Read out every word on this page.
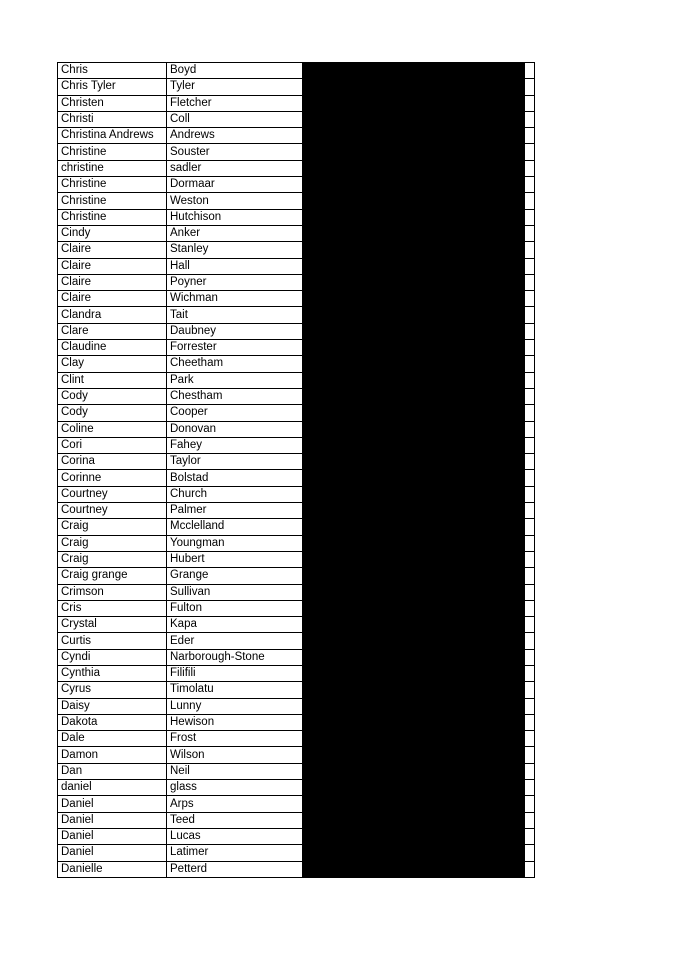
Chris	Boyd		
Chris Tyler	Tyler		
Christen	Fletcher		
Christi	Coll		
Christina Andrews	Andrews		
Christine	Souster		
christine	sadler		
Christine	Dormaar		
Christine	Weston		
Christine	Hutchison		
Cindy	Anker		
Claire	Stanley		
Claire	Hall		
Claire	Poyner		
Claire	Wichman		
Clandra	Tait		
Clare	Daubney		
Claudine	Forrester		
Clay	Cheetham		
Clint	Park		
Cody	Chestham		
Cody	Cooper		
Coline	Donovan		
Cori	Fahey		
Corina	Taylor		
Corinne	Bolstad		
Courtney	Church		
Courtney	Palmer		
Craig	Mcclelland		
Craig	Youngman		
Craig	Hubert		
Craig grange	Grange		
Crimson	Sullivan		
Cris	Fulton		
Crystal	Kapa		
Curtis	Eder		
Cyndi	Narborough-Stone		
Cynthia	Filifili		
Cyrus	Timolatu		
Daisy	Lunny		
Dakota	Hewison		
Dale	Frost		
Damon	Wilson		
Dan	Neil		
daniel	glass		
Daniel	Arps		
Daniel	Teed		
Daniel	Lucas		
Daniel	Latimer		
Danielle	Petterd		
